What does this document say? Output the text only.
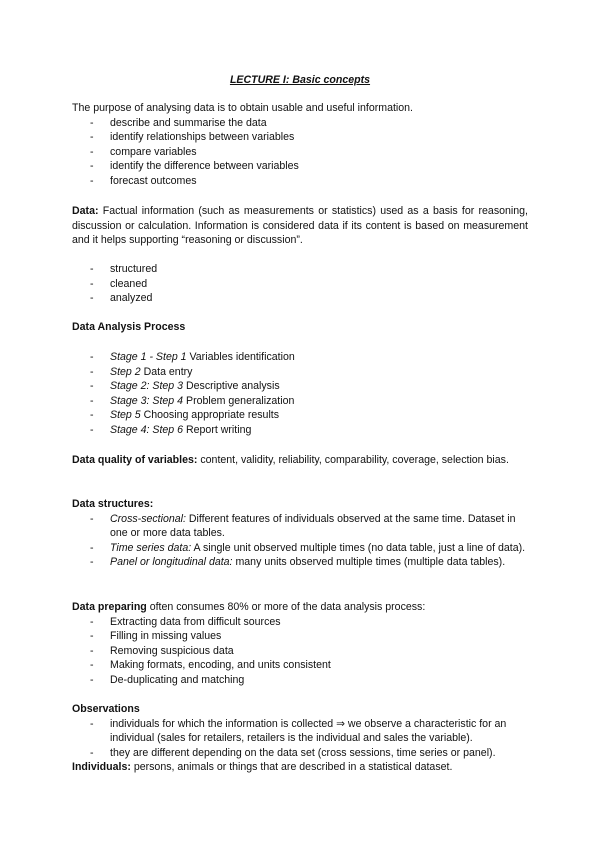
LECTURE I: Basic concepts

The purpose of analysing data is to obtain usable and useful information.

- describe and summarise the data
- identify relationships between variables
- compare variables
- identify the difference between variables
- forecast outcomes

Data: Factual information (such as measurements or statistics) used as a basis for reasoning, discussion or calculation. Information is considered data if its content is based on measurement and it helps supporting “reasoning or discussion”.

- structured
- cleaned
- analyzed

Data Analysis Process

- Stage 1 - Step 1 Variables identification
- Step 2 Data entry
- Stage 2: Step 3 Descriptive analysis
- Stage 3: Step 4 Problem generalization
- Step 5 Choosing appropriate results
- Stage 4: Step 6 Report writing

Data quality of variables: content, validity, reliability, comparability, coverage, selection bias.

Data structures:

- Cross-sectional: Different features of individuals observed at the same time. Dataset in one or more data tables.
- Time series data: A single unit observed multiple times (no data table, just a line of data).
- Panel or longitudinal data: many units observed multiple times (multiple data tables).

Data preparing often consumes 80% or more of the data analysis process:

- Extracting data from difficult sources
- Filling in missing values
- Removing suspicious data
- Making formats, encoding, and units consistent
- De-duplicating and matching

Observations

- individuals for which the information is collected ⇒ we observe a characteristic for an individual (sales for retailers, retailers is the individual and sales the variable).
- they are different depending on the data set (cross sessions, time series or panel).

Individuals: persons, animals or things that are described in a statistical dataset.
